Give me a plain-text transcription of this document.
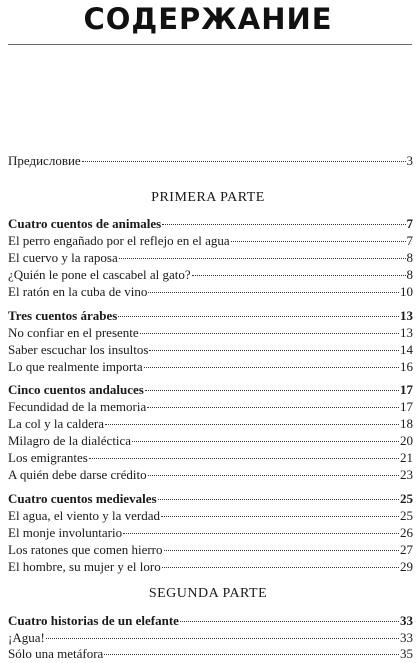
СОДЕРЖАНИЕ
Предисловие	3
PRIMERA PARTE
Cuatro cuentos de animales	7
El perro engañado por el reflejo en el agua	7
El cuervo y la raposa	8
¿Quién le pone el cascabel al gato?	8
El ratón en la cuba de vino	10
Tres cuentos árabes	13
No confiar en el presente	13
Saber escuchar los insultos	14
Lo que realmente importa	16
Cinco cuentos andaluces	17
Fecundidad de la memoria	17
La col y la caldera	18
Milagro de la dialéctica	20
Los emigrantes	21
A quién debe darse crédito	23
Cuatro cuentos medievales	25
El agua, el viento y la verdad	25
El monje involuntario	26
Los ratones que comen hierro	27
El hombre, su mujer y el loro	29
SEGUNDA PARTE
Cuatro historias de un elefante	33
¡Agua!	33
Sólo una metáfora	35
